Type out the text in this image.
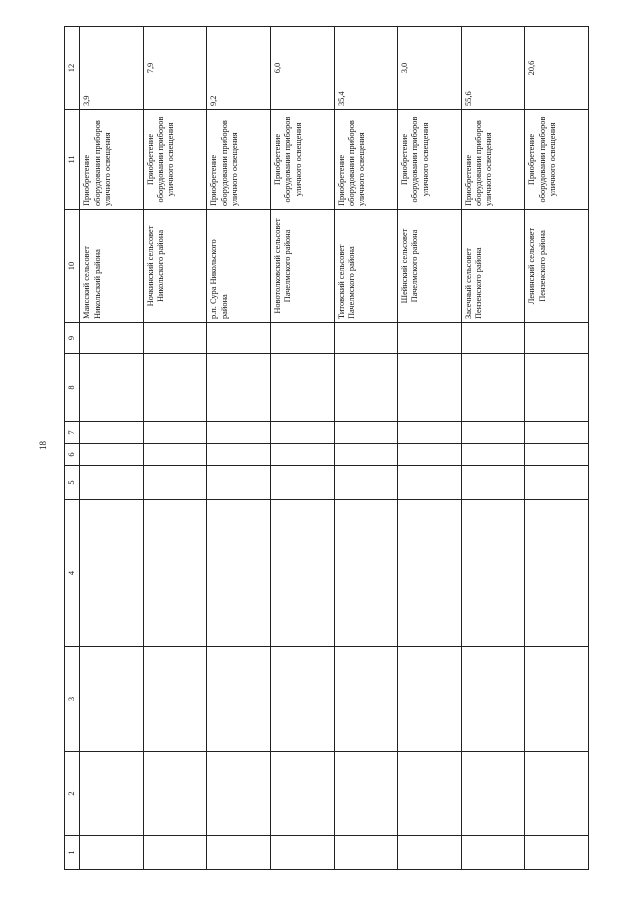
18
1	2	3	4	5	6	7	8	9	10	11	12
									Маисский сельсовет Никольский района	Приобретение оборудовании приборов уличного освещения	3,9
									Ночкинский сельсовет Никольского района	Приобретение оборудовании приборов уличного освещения	7,9
									р.п. Сура Никольского района	Приобретение оборудовании приборов уличного освещения	9,2
									Новотолковский сельсовет Пачелмского района	Приобретение оборудовании приборов уличного освещения	6,0
									Титовский сельсовет Пачелмского района	Приобретение оборудовании приборов уличного освещения	35,4
									Шейнский сельсовет Пачелмского района	Приобретение оборудовании приборов уличного освещения	3,0
									Засечный сельсовет Пензенского района	Приобретение оборудовании приборов уличного освещения	55,6
									Ленинский сельсовет Пензенского района	Приобретение оборудовании приборов уличного освещения	20,6
